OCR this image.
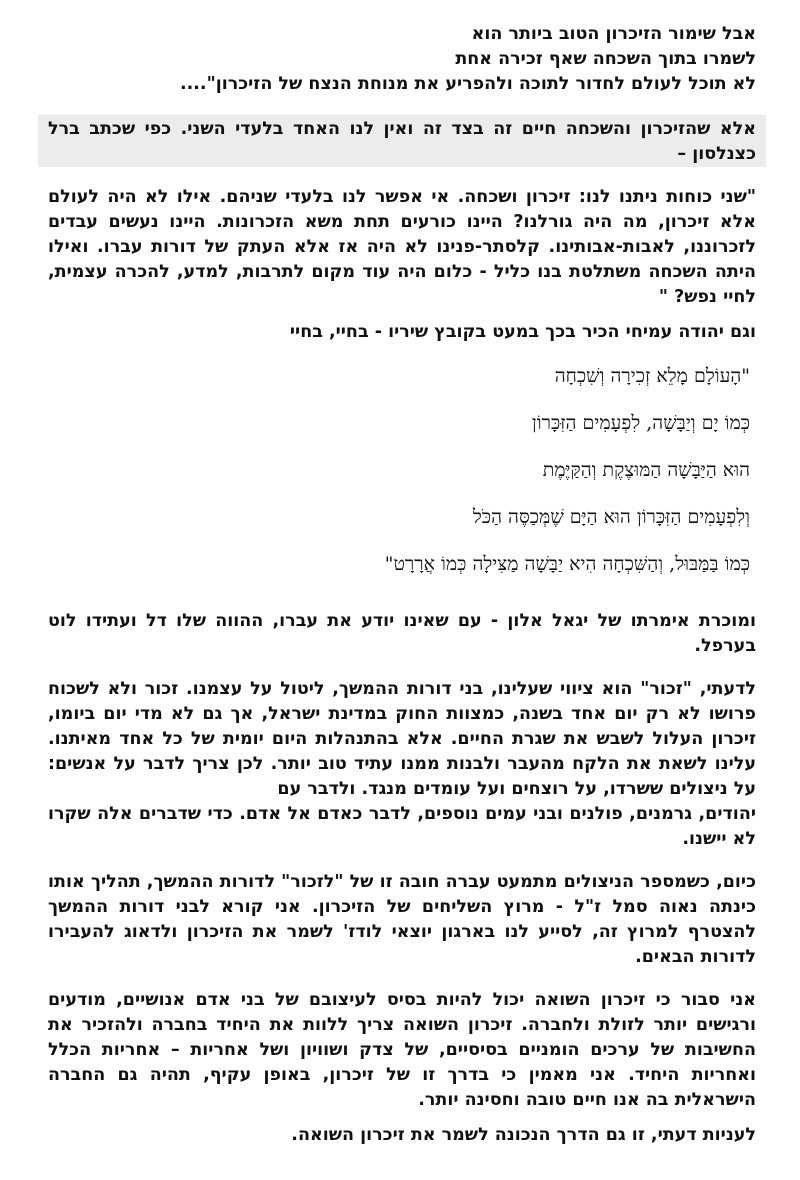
אבל שימור הזיכרון הטוב ביותר הוא
לשמרו בתוך השכחה שאף זכירה אחת
לא תוכל לעולם לחדור לתוכה ולהפריע את מנוחת הנצח של הזיכרון"....

אלא שהזיכרון והשכחה חיים זה בצד זה ואין לנו האחד בלעדי השני. כפי שכתב ברל כצנלסון –

"שני כוחות ניתנו לנו: זיכרון ושכחה. אי אפשר לנו בלעדי שניהם. אילו לא היה לעולם אלא זיכרון, מה היה גורלנו? היינו כורעים תחת משא הזכרונות. היינו נעשים עבדים לזכרוננו, לאבות-אבותינו. קלסתר-פנינו לא היה אז אלא העתק של דורות עברו. ואילו היתה השכחה משתלטת בנו כליל - כלום היה עוד מקום לתרבות, למדע, להכרה עצמית, לחיי נפש? "

וגם יהודה עמיחי הכיר בכך במעט בקובץ שיריו - בחיי, בחיי
"הָעוֹלָם מָלֵא זְכִירָה וְשִׁכְחָה
כְּמוֹ יָם וְיַבָּשָׁה, לִפְעָמִים הַזִּכָּרוֹן
הוּא הַיַּבָּשָׁה הַמּוּצֶקֶת וְהַקַּיֶּמֶת
וְלִפְעָמִים הַזִּכָּרוֹן הוּא הַיָּם שֶׁמְּכַסֶּה הַכֹּל
כְּמוֹ בַּמַּבּוּל, וְהַשִּׁכְחָה הִיא יַבָּשָׁה מַצִּילָה כְּמוֹ אֲרָרָט"

ומוכרת אימרתו של יגאל אלון - עם שאינו יודע את עברו, ההווה שלו דל ועתידו לוט בערפל.

לדעתי, "זכור" הוא ציווי שעלינו, בני דורות ההמשך, ליטול על עצמנו. זכור ולא לשכוח פרושו לא רק יום אחד בשנה, כמצוות החוק במדינת ישראל, אך גם לא מדי יום ביומו, זיכרון העלול לשבש את שגרת החיים. אלא בהתנהלות היום יומית של כל אחד מאיתנו. עלינו לשאת את הלקח מהעבר ולבנות ממנו עתיד טוב יותר. לכן צריך לדבר על אנשים: על ניצולים ששרדו, על רוצחים ועל עומדים מנגד. ולדבר עם

יהודים, גרמנים, פולנים ובני עמים נוספים, לדבר כאדם אל אדם. כדי שדברים אלה שקרו לא יישנו.

כיום, כשמספר הניצולים מתמעט עברה חובה זו של "לזכור" לדורות ההמשך, תהליך אותו כינתה נאוה סמל ז"ל - מרוץ השליחים של הזיכרון. אני קורא לבני דורות ההמשך להצטרף למרוץ זה, לסייע לנו בארגון יוצאי לודז' לשמר את הזיכרון ולדאוג להעבירו לדורות הבאים.

אני סבור כי זיכרון השואה יכול להיות בסיס לעיצובם של בני אדם אנושיים, מודעים ורגישים יותר לזולת ולחברה. זיכרון השואה צריך ללוות את היחיד בחברה ולהזכיר את החשיבות של ערכים הומניים בסיסיים, של צדק ושוויון ושל אחריות – אחריות הכלל ואחריות היחיד. אני מאמין כי בדרך זו של זיכרון, באופן עקיף, תהיה גם החברה הישראלית בה אנו חיים טובה וחסינה יותר.

לעניות דעתי, זו גם הדרך הנכונה לשמר את זיכרון השואה.
